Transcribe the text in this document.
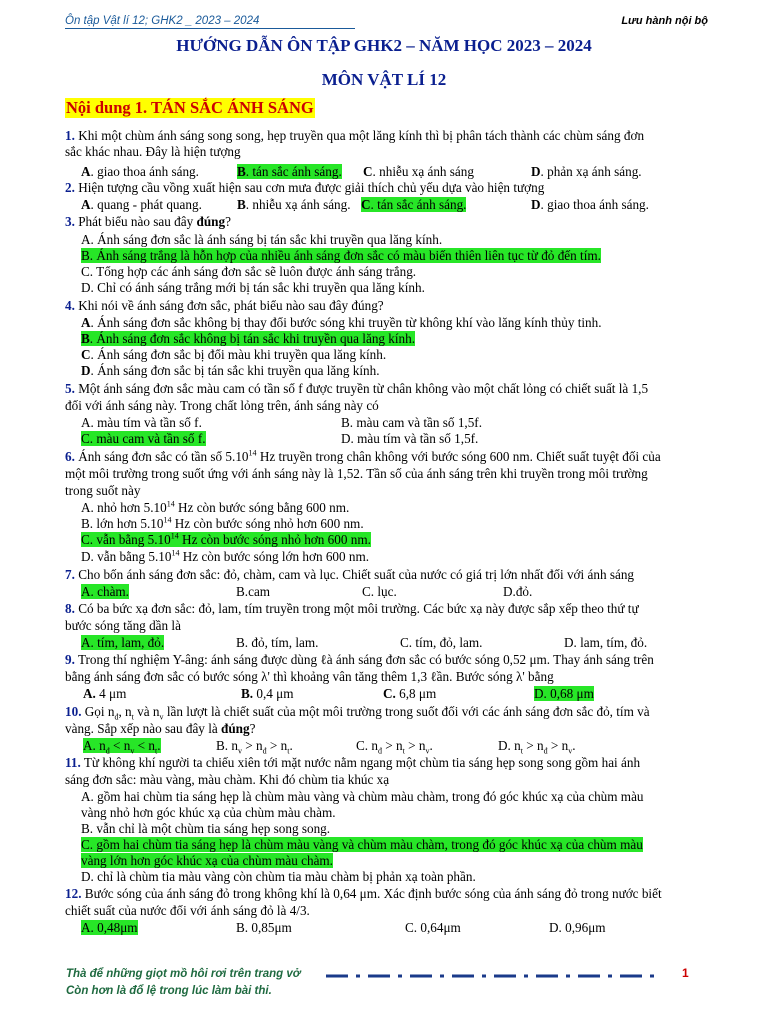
Ôn tập Vật lí 12; GHK2 _ 2023 – 2024	Lưu hành nội bộ
HƯỚNG DẪN ÔN TẬP GHK2 – NĂM HỌC 2023 – 2024
MÔN VẬT LÍ 12
Nội dung 1. TÁN SẮC ÁNH SÁNG
1. Khi một chùm ánh sáng song song, hẹp truyền qua một lăng kính thì bị phân tách thành các chùm sáng đơn
sắc khác nhau. Đây là hiện tượng
A. giao thoa ánh sáng.	B. tán sắc ánh sáng. C. nhiễu xạ ánh sáng	D. phản xạ ánh sáng.
2. Hiện tượng cầu vồng xuất hiện sau cơn mưa được giải thích chủ yếu dựa vào hiện tượng
A. quang - phát quang.	B. nhiễu xạ ánh sáng. C. tán sắc ánh sáng.	D. giao thoa ánh sáng.
3. Phát biểu nào sau đây đúng?
A. Ánh sáng đơn sắc là ánh sáng bị tán sắc khi truyền qua lăng kính.
B. Ánh sáng trắng là hỗn hợp của nhiều ánh sáng đơn sắc có màu biến thiên liên tục từ đỏ đến tím.
C. Tổng hợp các ánh sáng đơn sắc sẽ luôn được ánh sáng trắng.
D. Chỉ có ánh sáng trắng mới bị tán sắc khi truyền qua lăng kính.
4. Khi nói về ánh sáng đơn sắc, phát biểu nào sau đây đúng?
A. Ánh sáng đơn sắc không bị thay đổi bước sóng khi truyền từ không khí vào lăng kính thủy tinh.
B. Ánh sáng đơn sắc không bị tán sắc khi truyền qua lăng kính.
C. Ánh sáng đơn sắc bị đổi màu khi truyền qua lăng kính.
D. Ánh sáng đơn sắc bị tán sắc khi truyền qua lăng kính.
5. Một ánh sáng đơn sắc màu cam có tần số f được truyền từ chân không vào một chất lỏng có chiết suất là 1,5
đối với ánh sáng này. Trong chất lỏng trên, ánh sáng này có
A. màu tím và tần số f.	B. màu cam và tần số 1,5f.
C. màu cam và tần số f.	D. màu tím và tần số 1,5f.
6. Ánh sáng đơn sắc có tần số 5.10$^{14}$ Hz truyền trong chân không với bước sóng 600 nm. Chiết suất tuyệt đối của
một môi trường trong suốt ứng với ánh sáng này là 1,52. Tần số của ánh sáng trên khi truyền trong môi trường
trong suốt này
A. nhỏ hơn 5.10$^{14}$ Hz còn bước sóng bằng 600 nm.
B. lớn hơn 5.10$^{14}$ Hz còn bước sóng nhỏ hơn 600 nm.
C. vẫn bằng 5.10$^{14}$ Hz còn bước sóng nhỏ hơn 600 nm.
D. vẫn bằng 5.10$^{14}$ Hz còn bước sóng lớn hơn 600 nm.
7. Cho bốn ánh sáng đơn sắc: đỏ, chàm, cam và lục. Chiết suất của nước có giá trị lớn nhất đối với ánh sáng
A. chàm.	B.cam	C. lục.	D.đỏ.
8. Có ba bức xạ đơn sắc: đỏ, lam, tím truyền trong một môi trường. Các bức xạ này được sắp xếp theo thứ tự
bước sóng tăng dần là
A. tím, lam, đỏ.	B. đỏ, tím, lam.	C. tím, đỏ, lam.	D. lam, tím, đỏ.
9. Trong thí nghiệm Y-âng: ánh sáng được dùng ℓà ánh sáng đơn sắc có bước sóng 0,52 μm. Thay ánh sáng trên
bằng ánh sáng đơn sắc có bước sóng λ' thì khoảng vân tăng thêm 1,3 ℓần. Bước sóng λ' bằng
A. 4 μm	B. 0,4 μm	C. 6,8 μm	D. 0,68 μm
10. Gọi $n_đ$, $n_t$ và $n_v$ lần lượt là chiết suất của một môi trường trong suốt đối với các ánh sáng đơn sắc đỏ, tím và
vàng. Sắp xếp nào sau đây là đúng?
A. $n_đ < n_v < n_t$.	B. $n_v > n_đ > n_t$.	C. $n_đ > n_t > n_v$.	D. $n_t > n_đ > n_v$.
11. Từ không khí người ta chiếu xiên tới mặt nước nằm ngang một chùm tia sáng hẹp song song gồm hai ánh
sáng đơn sắc: màu vàng, màu chàm. Khi đó chùm tia khúc xạ
A. gồm hai chùm tia sáng hẹp là chùm màu vàng và chùm màu chàm, trong đó góc khúc xạ của chùm màu
vàng nhỏ hơn góc khúc xạ của chùm màu chàm.
B. vẫn chỉ là một chùm tia sáng hẹp song song.
C. gồm hai chùm tia sáng hẹp là chùm màu vàng và chùm màu chàm, trong đó góc khúc xạ của chùm màu
vàng lớn hơn góc khúc xạ của chùm màu chàm.
D. chỉ là chùm tia màu vàng còn chùm tia màu chàm bị phản xạ toàn phần.
12. Bước sóng của ánh sáng đỏ trong không khí là 0,64 μm. Xác định bước sóng của ánh sáng đỏ trong nước biết
chiết suất của nước đối với ánh sáng đỏ là 4/3.
A. 0,48μm	B. 0,85μm	C. 0,64μm	D. 0,96μm
Thà để những giọt mồ hôi rơi trên trang vở
Còn hơn là đổ lệ trong lúc làm bài thi.
1
